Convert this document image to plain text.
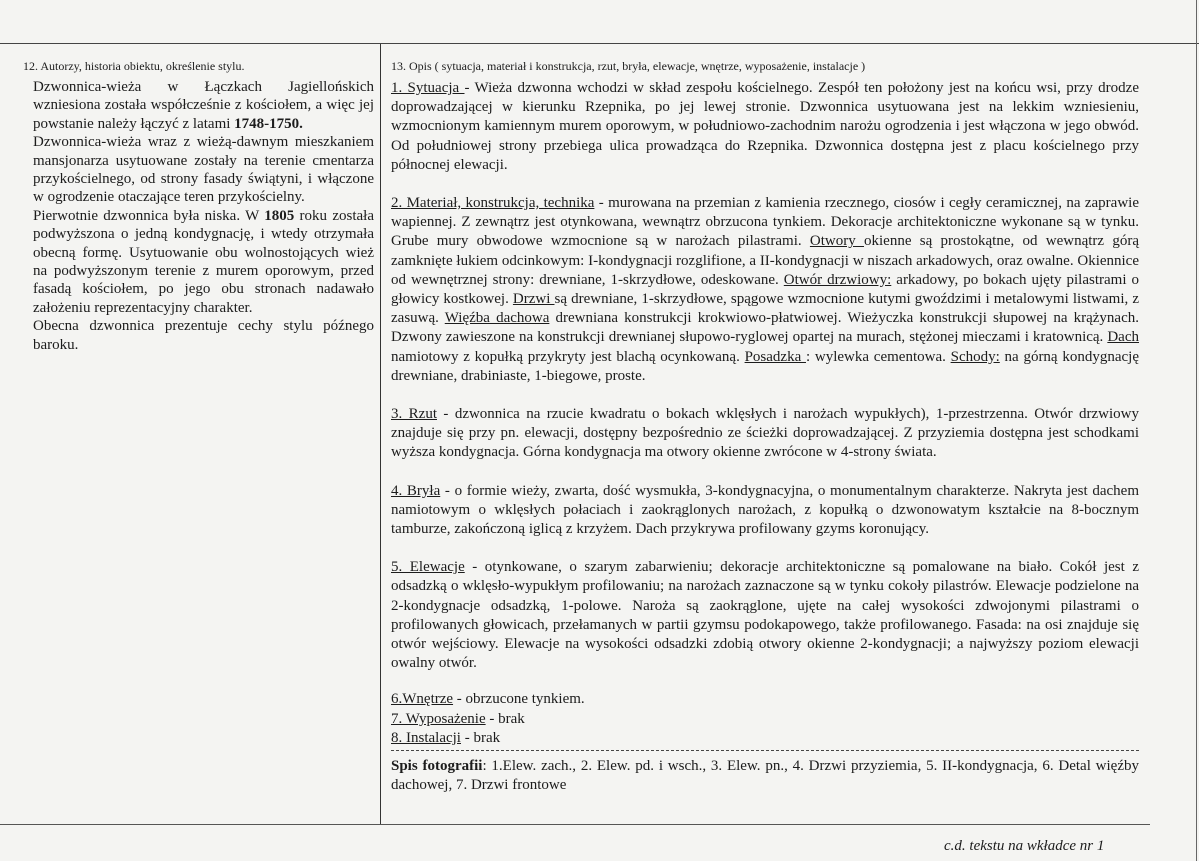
12. Autorzy, historia obiektu, określenie stylu.

Dzwonnica-wieża w Łączkach Jagiellońskich wzniesiona została współcześnie z kościołem, a więc jej powstanie należy łączyć z latami 1748-1750.

Dzwonnica-wieża wraz z wieżą-dawnym mieszkaniem mansjonarza usytuowane zostały na terenie cmentarza przykościelnego, od strony fasady świątyni, i włączone w ogrodzenie otaczające teren przykościelny.

Pierwotnie dzwonnica była niska. W 1805 roku została podwyższona o jedną kondygnację, i wtedy otrzymała obecną formę. Usytuowanie obu wolnostojących wież na podwyższonym terenie z murem oporowym, przed fasadą kościołem, po jego obu stronach nadawało założeniu reprezentacyjny charakter.

Obecna dzwonnica prezentuje cechy stylu późnego baroku.

13. Opis ( sytuacja, materiał i konstrukcja, rzut, bryła, elewacje, wnętrze, wyposażenie, instalacje )

1. Sytuacja - Wieża dzwonna wchodzi w skład zespołu kościelnego. Zespół ten położony jest na końcu wsi, przy drodze doprowadzającej w kierunku Rzepnika, po jej lewej stronie. Dzwonnica usytuowana jest na lekkim wzniesieniu, wzmocnionym kamiennym murem oporowym, w południowo-zachodnim narożu ogrodzenia i jest włączona w jego obwód. Od południowej strony przebiega ulica prowadząca do Rzepnika. Dzwonnica dostępna jest z placu kościelnego przy północnej elewacji.

2. Materiał, konstrukcja, technika - murowana na przemian z kamienia rzecznego, ciosów i cegły ceramicznej, na zaprawie wapiennej. Z zewnątrz jest otynkowana, wewnątrz obrzucona tynkiem. Dekoracje architektoniczne wykonane są w tynku. Grube mury obwodowe wzmocnione są w narożach pilastrami. Otwory okienne są prostokątne, od wewnątrz górą zamknięte łukiem odcinkowym: I-kondygnacji rozglifione, a II-kondygnacji w niszach arkadowych, oraz owalne. Okiennice od wewnętrznej strony: drewniane, 1-skrzydłowe, odeskowane. Otwór drzwiowy: arkadowy, po bokach ujęty pilastrami o głowicy kostkowej. Drzwi są drewniane, 1-skrzydłowe, spągowe wzmocnione kutymi gwoździmi i metalowymi listwami, z zasuwą. Więźba dachowa drewniana konstrukcji krokwiowo-płatwiowej. Wieżyczka konstrukcji słupowej na krążynach. Dzwony zawieszone na konstrukcji drewnianej słupowo-ryglowej opartej na murach, stężonej mieczami i kratownicą. Dach namiotowy z kopułką przykryty jest blachą ocynkowaną. Posadzka : wylewka cementowa. Schody: na górną kondygnację drewniane, drabiniaste, 1-biegowe, proste.

3. Rzut - dzwonnica na rzucie kwadratu o bokach wklęsłych i narożach wypukłych), 1-przestrzenna. Otwór drzwiowy znajduje się przy pn. elewacji, dostępny bezpośrednio ze ścieżki doprowadzającej. Z przyziemia dostępna jest schodkami wyższa kondygnacja. Górna kondygnacja ma otwory okienne zwrócone w 4-strony świata.

4. Bryła - o formie wieży, zwarta, dość wysmukła, 3-kondygnacyjna, o monumentalnym charakterze. Nakryta jest dachem namiotowym o wklęsłych połaciach i zaokrąglonych narożach, z kopułką o dzwonowatym kształcie na 8-bocznym tamburze, zakończoną iglicą z krzyżem. Dach przykrywa profilowany gzyms koronujący.

5. Elewacje - otynkowane, o szarym zabarwieniu; dekoracje architektoniczne są pomalowane na biało. Cokół jest z odsadzką o wklęsło-wypukłym profilowaniu; na narożach zaznaczone są w tynku cokoły pilastrów. Elewacje podzielone na 2-kondygnacje odsadzką, 1-polowe. Naroża są zaokrąglone, ujęte na całej wysokości zdwojonymi pilastrami o profilowanych głowicach, przełamanych w partii gzymsu podokapowego, także profilowanego. Fasada: na osi znajduje się otwór wejściowy. Elewacje na wysokości odsadzki zdobią otwory okienne 2-kondygnacji; a najwyższy poziom elewacji owalny otwór.

6.Wnętrze - obrzucone tynkiem.

7. Wyposażenie - brak

8. Instalacji - brak

Spis fotografii: 1.Elew. zach., 2. Elew. pd. i wsch., 3. Elew. pn., 4. Drzwi przyziemia, 5. II-kondygnacja, 6. Detal więźby dachowej, 7. Drzwi frontowe

c.d. tekstu na wkładce nr 1
